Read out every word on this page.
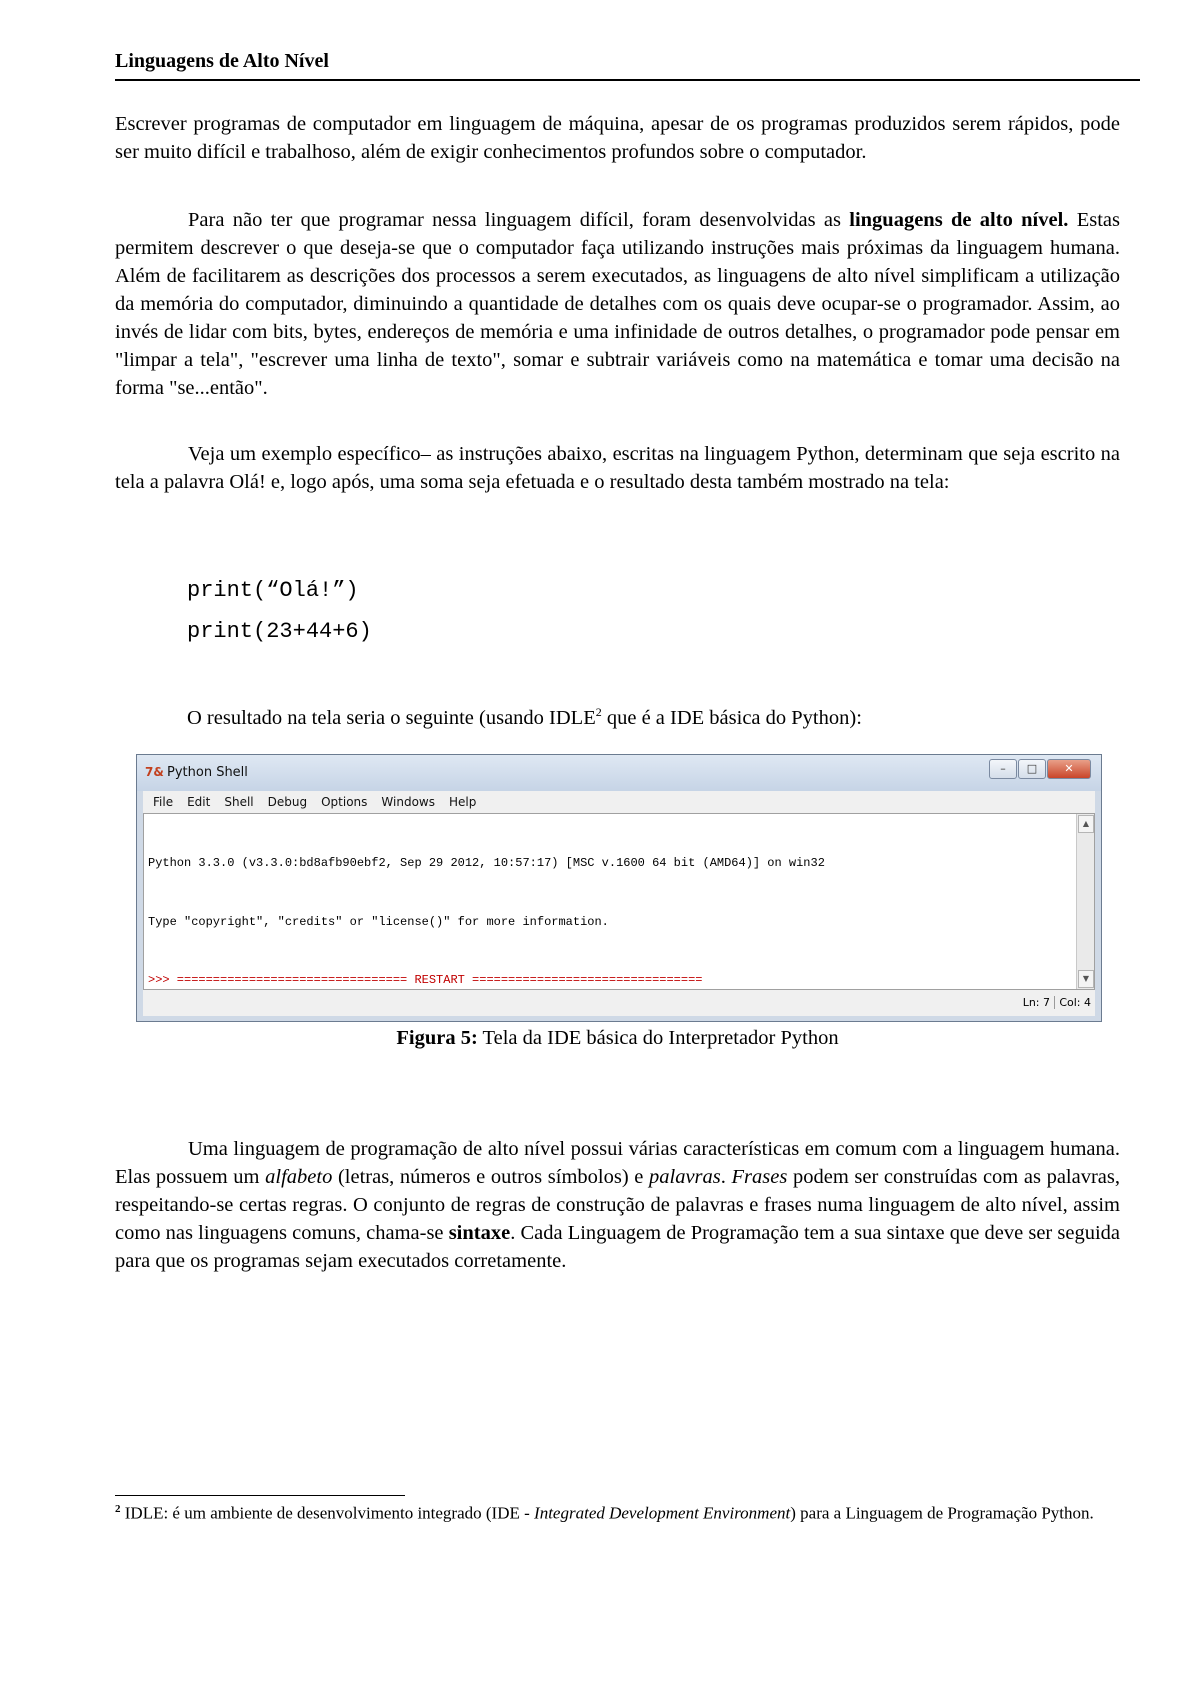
Linguagens de Alto Nível
Escrever programas de computador em linguagem de máquina, apesar de os programas produzidos serem rápidos, pode ser muito difícil e trabalhoso, além de exigir conhecimentos profundos sobre o computador.
Para não ter que programar nessa linguagem difícil, foram desenvolvidas as linguagens de alto nível. Estas permitem descrever o que deseja-se que o computador faça utilizando instruções mais próximas da linguagem humana. Além de facilitarem as descrições dos processos a serem executados, as linguagens de alto nível simplificam a utilização da memória do computador, diminuindo a quantidade de detalhes com os quais deve ocupar-se o programador. Assim, ao invés de lidar com bits, bytes, endereços de memória e uma infinidade de outros detalhes, o programador pode pensar em "limpar a tela", "escrever uma linha de texto", somar e subtrair variáveis como na matemática e tomar uma decisão na forma "se...então".
Veja um exemplo específico– as instruções abaixo, escritas na linguagem Python, determinam que seja escrito na tela a palavra Olá! e, logo após, uma soma seja efetuada e o resultado desta também mostrado na tela:
print(“Olá!”)
print(23+44+6)
O resultado na tela seria o seguinte (usando IDLE$^2$ que é a IDE básica do Python):
7& Python Shell	–	□	✕
File Edit Shell Debug Options Windows Help

Python 3.3.0 (v3.3.0:bd8afb90ebf2, Sep 29 2012, 10:57:17) [MSC v.1600 64 bit (AMD64)] on win32

Type "copyright", "credits" or "license()" for more information.

>>> ================================ RESTART ================================

▲

▼

Ln: 7 Col: 4
Figura 5: Tela da IDE básica do Interpretador Python
Uma linguagem de programação de alto nível possui várias características em comum com a linguagem humana. Elas possuem um alfabeto (letras, números e outros símbolos) e palavras. Frases podem ser construídas com as palavras, respeitando-se certas regras. O conjunto de regras de construção de palavras e frases numa linguagem de alto nível, assim como nas linguagens comuns, chama-se sintaxe. Cada Linguagem de Programação tem a sua sintaxe que deve ser seguida para que os programas sejam executados corretamente.
$^2$ IDLE: é um ambiente de desenvolvimento integrado (IDE - Integrated Development Environment) para a Linguagem de Programação Python.
